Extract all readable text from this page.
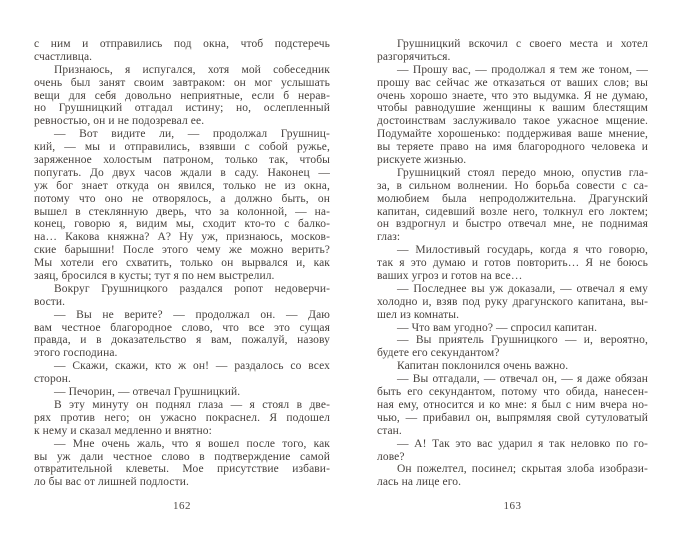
с ним и отправились под окна, чтоб подстеречь
счастливца.
Признаюсь, я испугался, хотя мой собеседник
очень был занят своим завтраком: он мог услышать
вещи для себя довольно неприятные, если б нерав-
но Грушницкий отгадал истину; но, ослепленный
ревностью, он и не подозревал ее.
— Вот видите ли, — продолжал Грушниц-
кий, — мы и отправились, взявши с собой ружье,
заряженное холостым патроном, только так, чтобы
попугать. До двух часов ждали в саду. Наконец —
уж бог знает откуда он явился, только не из окна,
потому что оно не отворялось, а должно быть, он
вышел в стеклянную дверь, что за колонной, — на-
конец, говорю я, видим мы, сходит кто-то с балко-
на… Какова княжна? А? Ну уж, признаюсь, москов-
ские барышни! После этого чему же можно верить?
Мы хотели его схватить, только он вырвался и, как
заяц, бросился в кусты; тут я по нем выстрелил.
Вокруг Грушницкого раздался ропот недоверчи-
вости.
— Вы не верите? — продолжал он. — Даю
вам честное благородное слово, что все это сущая
правда, и в доказательство я вам, пожалуй, назову
этого господина.
— Скажи, скажи, кто ж он! — раздалось со всех
сторон.
— Печорин, — отвечал Грушницкий.
В эту минуту он поднял глаза — я стоял в две-
рях против него; он ужасно покраснел. Я подошел
к нему и сказал медленно и внятно:
— Мне очень жаль, что я вошел после того, как
вы уж дали честное слово в подтверждение самой
отвратительной клеветы. Мое присутствие избави-
ло бы вас от лишней подлости.
162
Грушницкий вскочил с своего места и хотел
разгорячиться.
— Прошу вас, — продолжал я тем же тоном, —
прошу вас сейчас же отказаться от ваших слов; вы
очень хорошо знаете, что это выдумка. Я не думаю,
чтобы равнодушие женщины к вашим блестящим
достоинствам заслуживало такое ужасное мщение.
Подумайте хорошенько: поддерживая ваше мнение,
вы теряете право на имя благородного человека и
рискуете жизнью.
Грушницкий стоял передо мною, опустив гла-
за, в сильном волнении. Но борьба совести с са-
молюбием была непродолжительна. Драгунский
капитан, сидевший возле него, толкнул его локтем;
он вздрогнул и быстро отвечал мне, не поднимая
глаз:
— Милостивый государь, когда я что говорю,
так я это думаю и готов повторить… Я не боюсь
ваших угроз и готов на все…
— Последнее вы уж доказали, — отвечал я ему
холодно и, взяв под руку драгунского капитана, вы-
шел из комнаты.
— Что вам угодно? — спросил капитан.
— Вы приятель Грушницкого — и, вероятно,
будете его секундантом?
Капитан поклонился очень важно.
— Вы отгадали, — отвечал он, — я даже обязан
быть его секундантом, потому что обида, нанесен-
ная ему, относится и ко мне: я был с ним вчера но-
чью, — прибавил он, выпрямляя свой сутуловатый
стан.
— А! Так это вас ударил я так неловко по го-
лове?
Он пожелтел, посинел; скрытая злоба изобрази-
лась на лице его.
163
